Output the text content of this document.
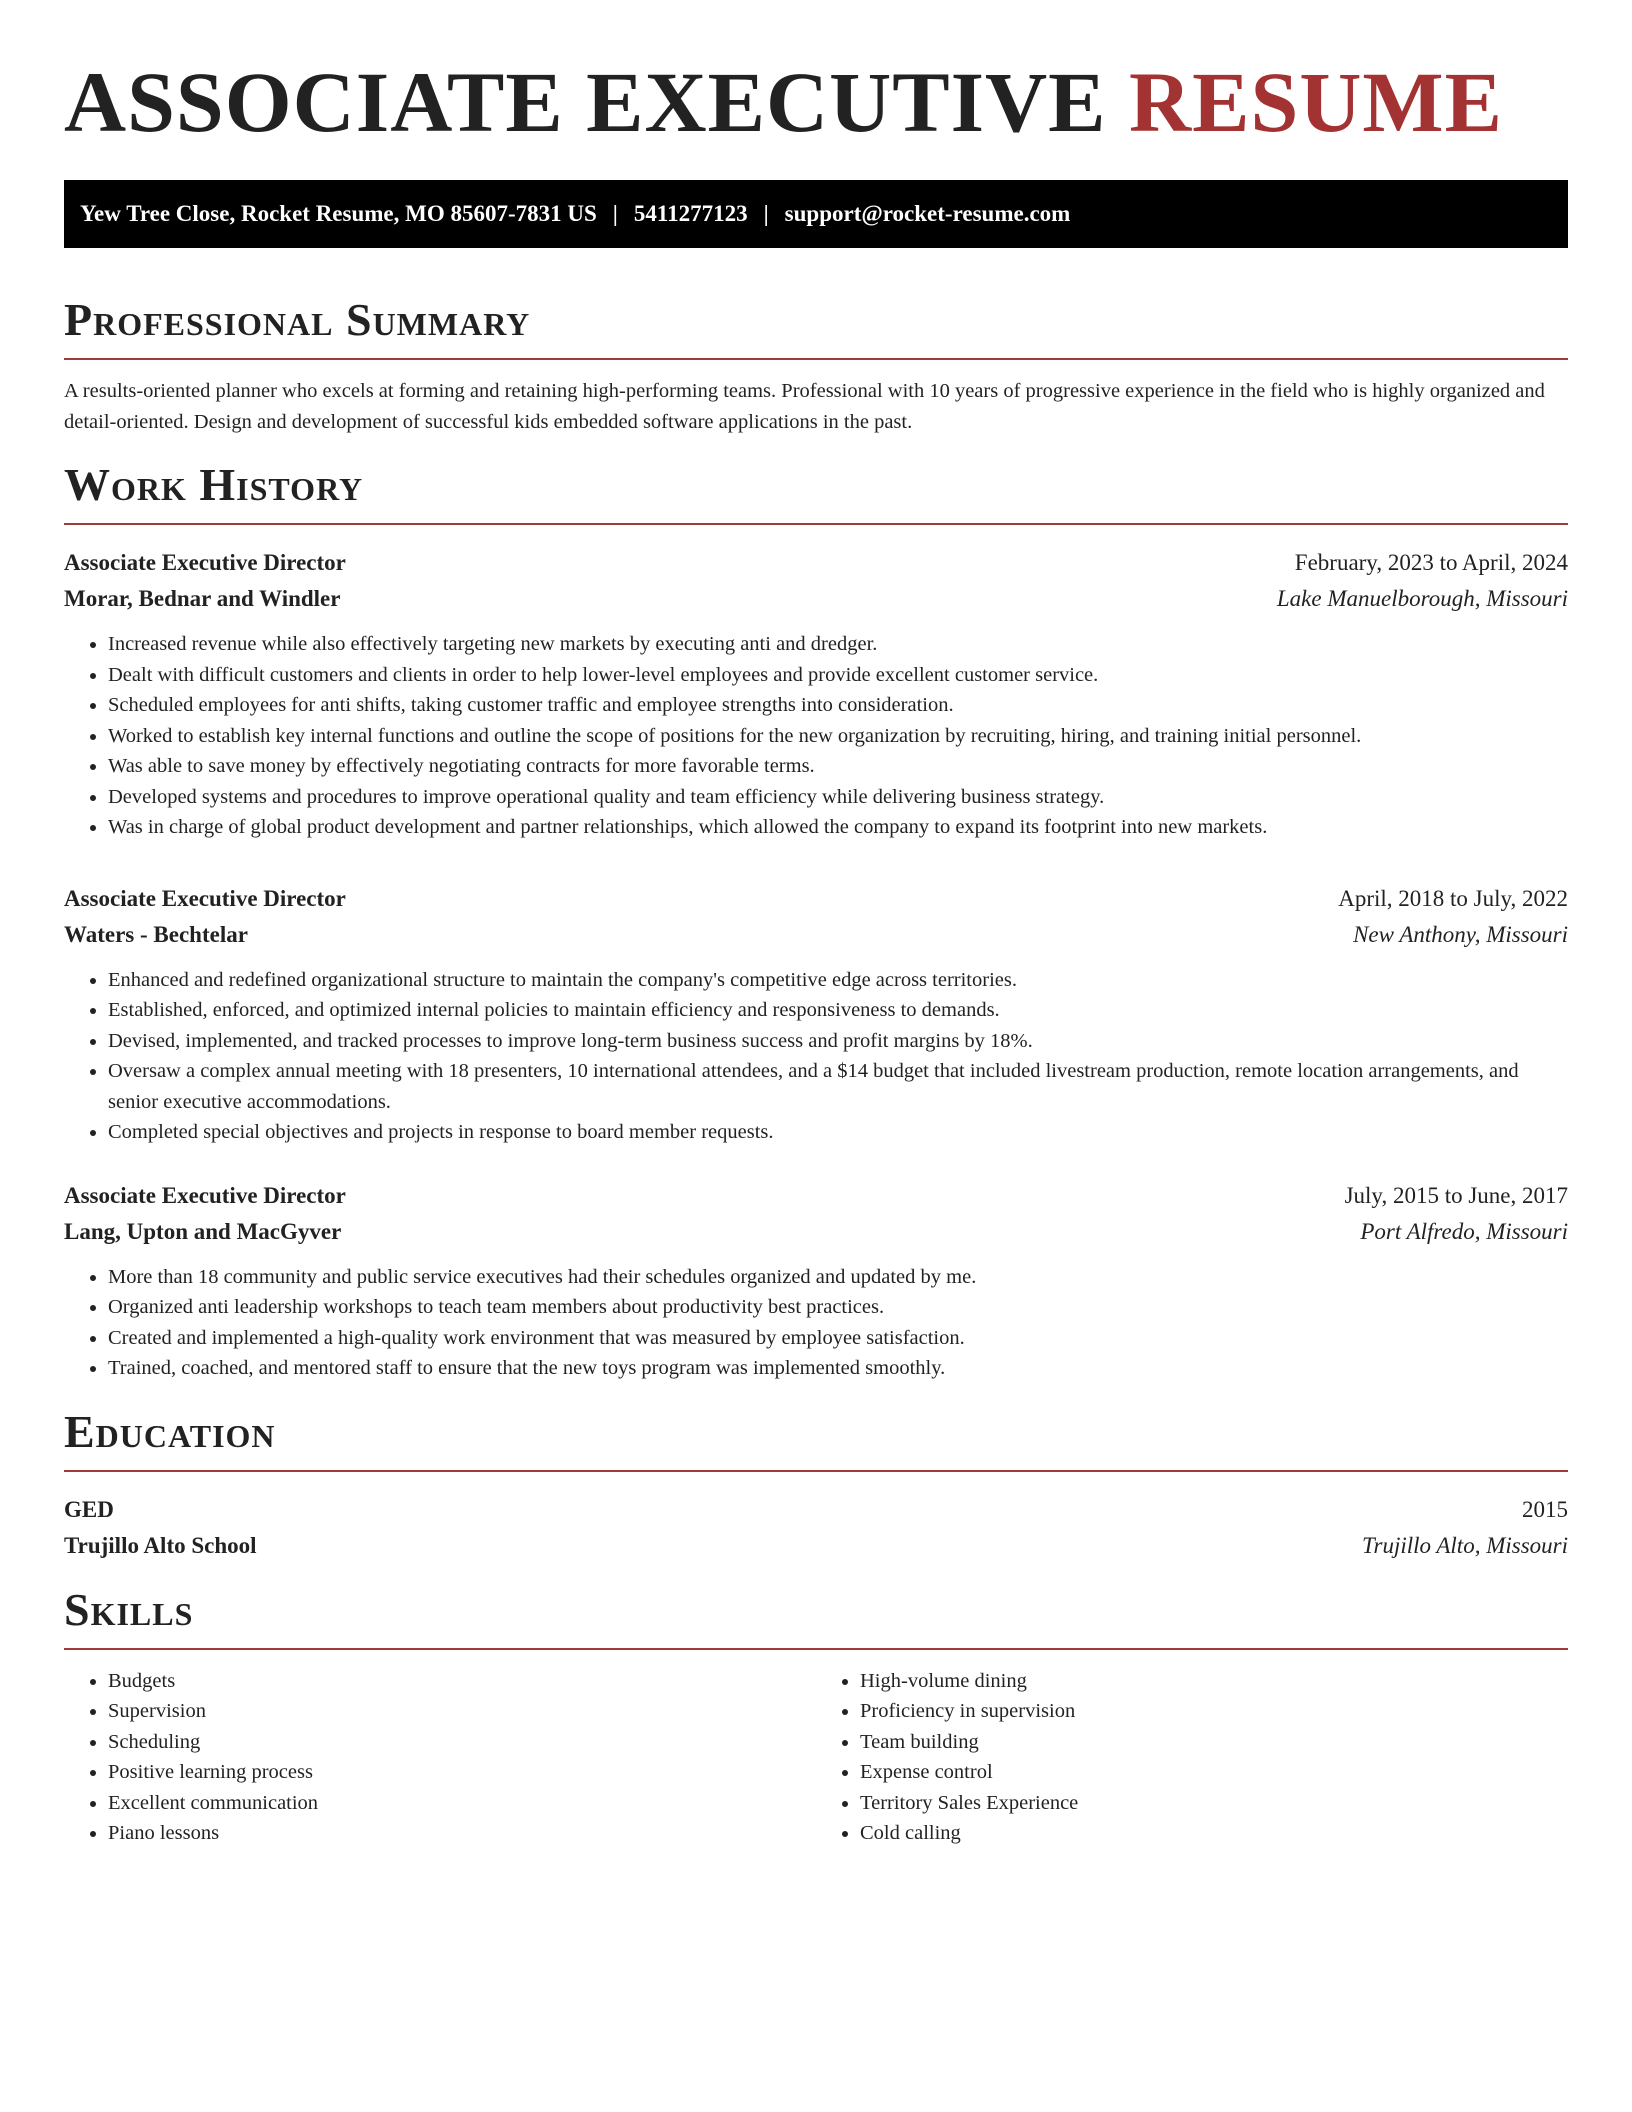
ASSOCIATE EXECUTIVE RESUME
Yew Tree Close, Rocket Resume, MO 85607-7831 US | 5411277123 | support@rocket-resume.com
Professional Summary

A results-oriented planner who excels at forming and retaining high-performing teams. Professional with 10 years of progressive experience in the field who is highly organized and detail-oriented. Design and development of successful kids embedded software applications in the past.

Work History
Associate Executive Director	February, 2023 to April, 2024
Morar, Bednar and Windler	Lake Manuelborough, Missouri
• Increased revenue while also effectively targeting new markets by executing anti and dredger.
• Dealt with difficult customers and clients in order to help lower-level employees and provide excellent customer service.
• Scheduled employees for anti shifts, taking customer traffic and employee strengths into consideration.
• Worked to establish key internal functions and outline the scope of positions for the new organization by recruiting, hiring, and training initial personnel.
• Was able to save money by effectively negotiating contracts for more favorable terms.
• Developed systems and procedures to improve operational quality and team efficiency while delivering business strategy.
• Was in charge of global product development and partner relationships, which allowed the company to expand its footprint into new markets.
Associate Executive Director	April, 2018 to July, 2022
Waters - Bechtelar	New Anthony, Missouri
• Enhanced and redefined organizational structure to maintain the company's competitive edge across territories.
• Established, enforced, and optimized internal policies to maintain efficiency and responsiveness to demands.
• Devised, implemented, and tracked processes to improve long-term business success and profit margins by 18%.
• Oversaw a complex annual meeting with 18 presenters, 10 international attendees, and a $14 budget that included livestream production, remote location arrangements, and senior executive accommodations.
• Completed special objectives and projects in response to board member requests.
Associate Executive Director	July, 2015 to June, 2017
Lang, Upton and MacGyver	Port Alfredo, Missouri
• More than 18 community and public service executives had their schedules organized and updated by me.
• Organized anti leadership workshops to teach team members about productivity best practices.
• Created and implemented a high-quality work environment that was measured by employee satisfaction.
• Trained, coached, and mentored staff to ensure that the new toys program was implemented smoothly.
Education
GED	2015
Trujillo Alto School	Trujillo Alto, Missouri
Skills
• Budgets
• Supervision
• Scheduling
• Positive learning process
• Excellent communication
• Piano lessons
• High-volume dining
• Proficiency in supervision
• Team building
• Expense control
• Territory Sales Experience
• Cold calling
